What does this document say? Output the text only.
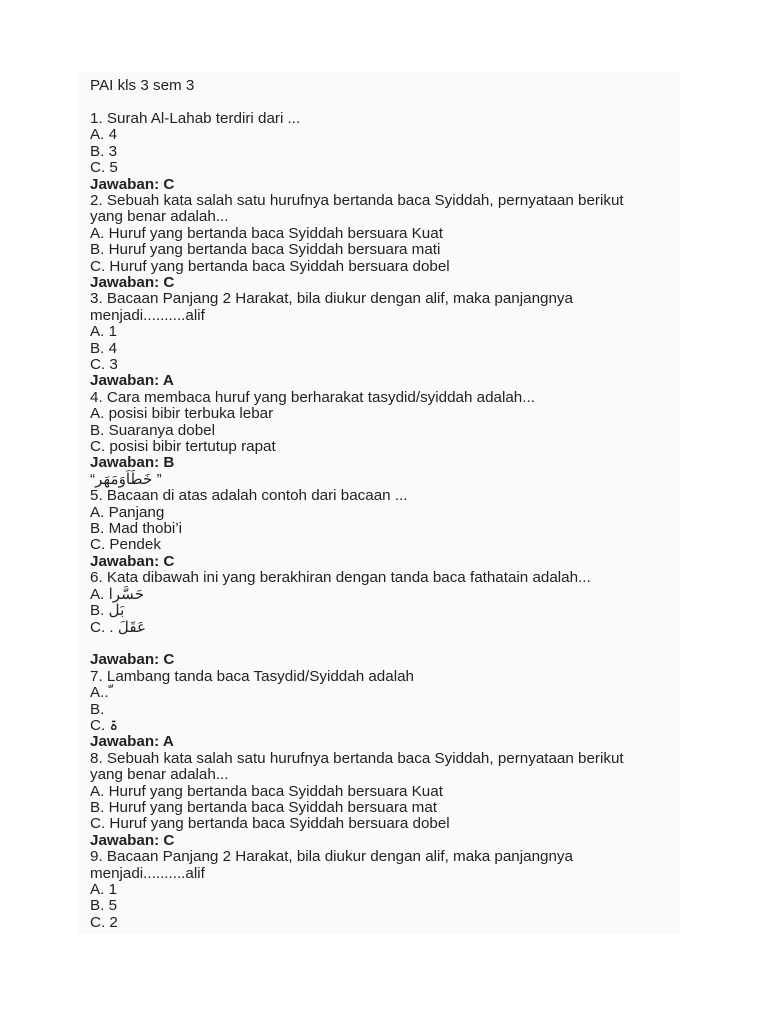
PAI kls 3 sem 3
1. Surah Al-Lahab terdiri dari ...
A. 4
B. 3
C. 5
Jawaban: C
2. Sebuah kata salah satu hurufnya bertanda baca Syiddah, pernyataan berikut
yang benar adalah...
A. Huruf yang bertanda baca Syiddah bersuara Kuat
B. Huruf yang bertanda baca Syiddah bersuara mati
C. Huruf yang bertanda baca Syiddah bersuara dobel
Jawaban: C
3. Bacaan Panjang 2 Harakat, bila diukur dengan alif, maka panjangnya
menjadi..........alif
A. 1
B. 4
C. 3
Jawaban: A
4. Cara membaca huruf yang berharakat tasydid/syiddah adalah...
A. posisi bibir terbuka lebar
B. Suaranya dobel
C. posisi bibir tertutup rapat
Jawaban: B
“خَطَاَوَمَهَر ”
5. Bacaan di atas adalah contoh dari bacaan ...
A. Panjang
B. Mad thobi’i
C. Pendek
Jawaban: C
6. Kata dibawah ini yang berakhiran dengan tanda baca fathatain adalah...
A. حَسَّرا
B. بَل
C. . عَقَلَ
Jawaban: C
7. Lambang tanda baca Tasydid/Syiddah adalah
A.. ّ
B.
C. ۃ
Jawaban: A
8. Sebuah kata salah satu hurufnya bertanda baca Syiddah, pernyataan berikut
yang benar adalah...
A. Huruf yang bertanda baca Syiddah bersuara Kuat
B. Huruf yang bertanda baca Syiddah bersuara mat
C. Huruf yang bertanda baca Syiddah bersuara dobel
Jawaban: C
9. Bacaan Panjang 2 Harakat, bila diukur dengan alif, maka panjangnya
menjadi..........alif
A. 1
B. 5
C. 2
